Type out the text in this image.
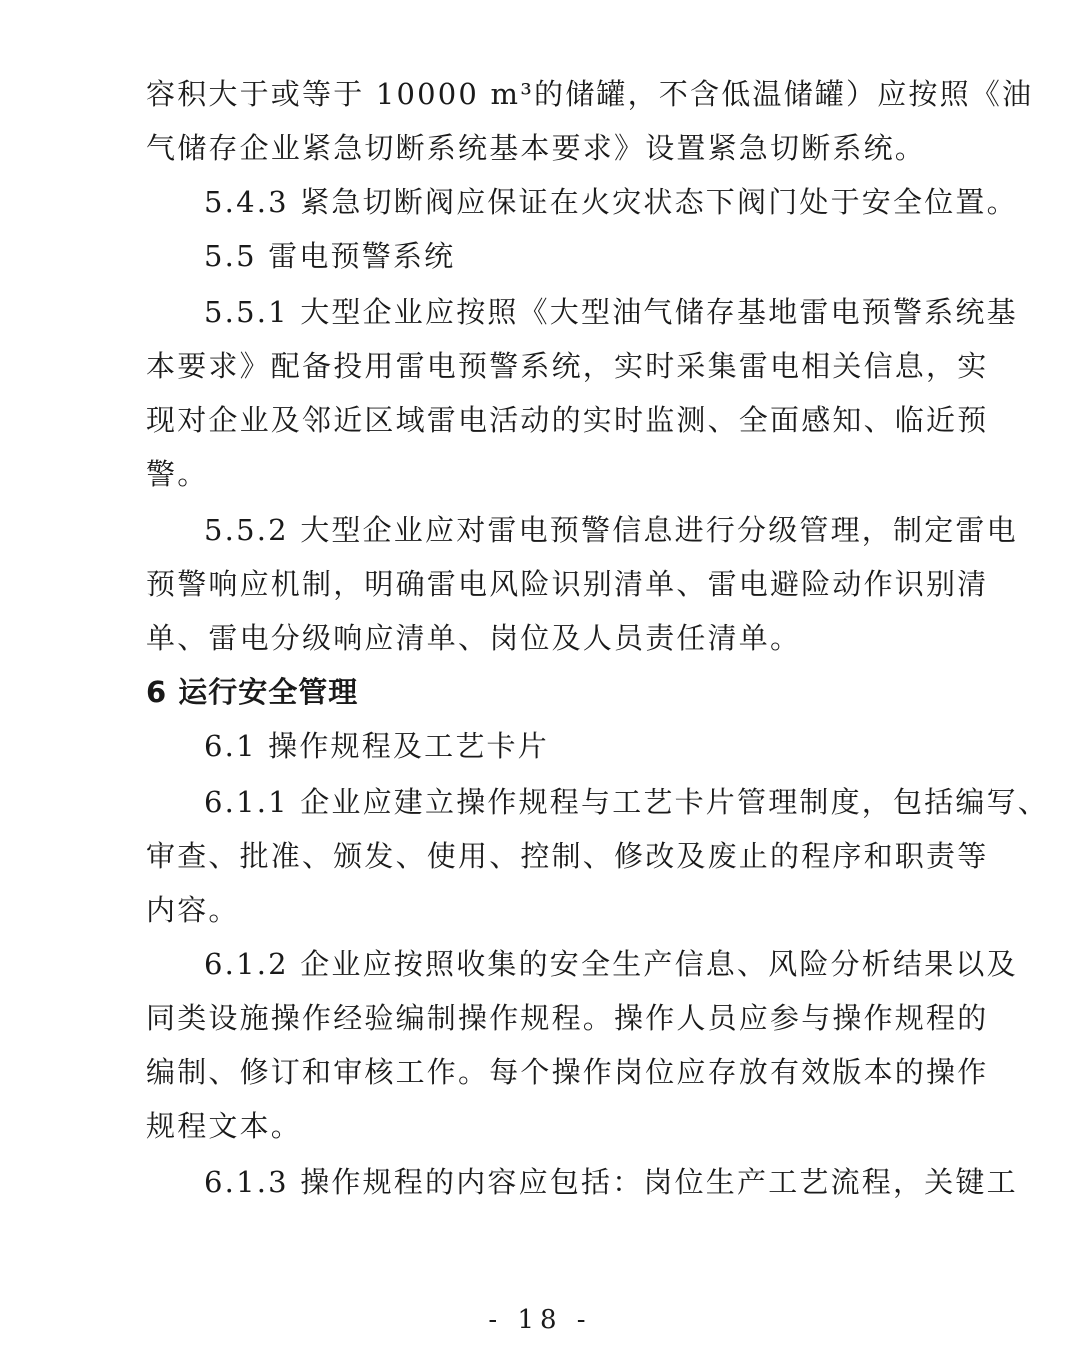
容积大于或等于 10000 m³的储罐，不含低温储罐）应按照《油
气储存企业紧急切断系统基本要求》设置紧急切断系统。
5.4.3 紧急切断阀应保证在火灾状态下阀门处于安全位置。
5.5 雷电预警系统
5.5.1 大型企业应按照《大型油气储存基地雷电预警系统基
本要求》配备投用雷电预警系统，实时采集雷电相关信息，实
现对企业及邻近区域雷电活动的实时监测、全面感知、临近预
警。
5.5.2 大型企业应对雷电预警信息进行分级管理，制定雷电
预警响应机制，明确雷电风险识别清单、雷电避险动作识别清
单、雷电分级响应清单、岗位及人员责任清单。
6 运行安全管理
6.1 操作规程及工艺卡片
6.1.1 企业应建立操作规程与工艺卡片管理制度，包括编写、
审查、批准、颁发、使用、控制、修改及废止的程序和职责等
内容。
6.1.2 企业应按照收集的安全生产信息、风险分析结果以及
同类设施操作经验编制操作规程。操作人员应参与操作规程的
编制、修订和审核工作。每个操作岗位应存放有效版本的操作
规程文本。
6.1.3 操作规程的内容应包括：岗位生产工艺流程，关键工
- 18 -
